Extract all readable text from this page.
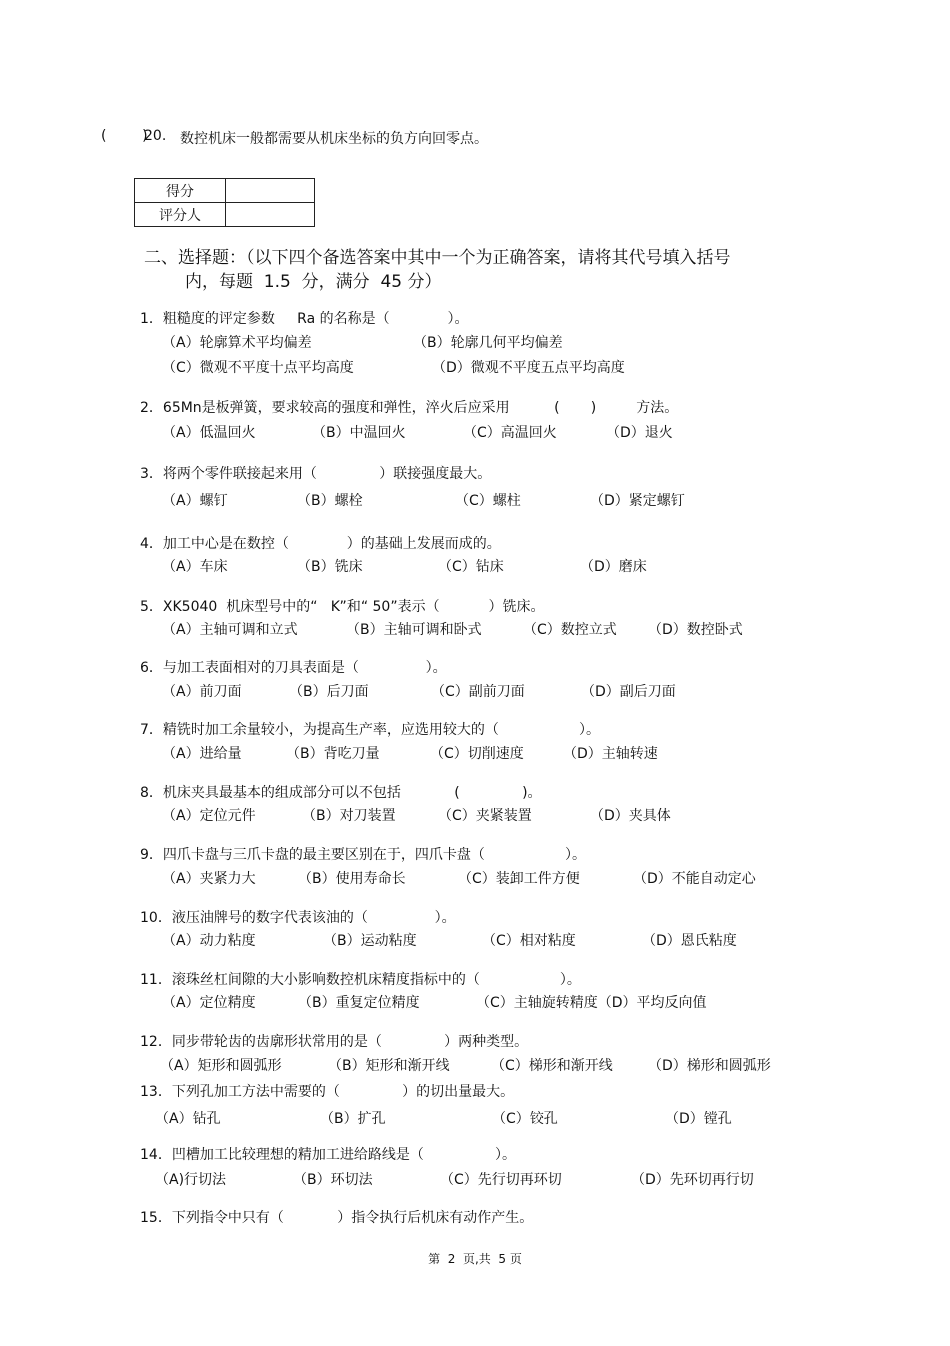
(        )
20. 数控机床一般都需要从机床坐标的负方向回零点。
得分	
评分人	
二、选择题：（以下四个备选答案中其中一个为正确答案，请将其代号填入括号
内，每题  1.5  分，满分  45 分）
1．粗糙度的评定参数     Ra 的名称是（             ）。
（A）轮廓算术平均偏差	（B）轮廓几何平均偏差
（C）微观不平度十点平均高度	（D）微观不平度五点平均高度
2．65Mn是板弹簧，要求较高的强度和弹性，淬火后应采用          (       )         方法。
（A）低温回火	（B）中温回火	（C）高温回火	（D）退火
3．将两个零件联接起来用（              ）联接强度最大。
（A）螺钉	（B）螺栓	（C）螺柱	（D）紧定螺钉
4．加工中心是在数控（             ）的基础上发展而成的。
（A）车床	（B）铣床	（C）钻床	（D）磨床
5．XK5040  机床型号中的“   K”和“ 50”表示（           ）铣床。
（A）主轴可调和立式	（B）主轴可调和卧式	（C）数控立式 （D）数控卧式
6．与加工表面相对的刀具表面是（               ）。
（A）前刀面	（B）后刀面	（C）副前刀面	（D）副后刀面
7．精铣时加工余量较小，为提高生产率，应选用较大的（                  ）。
（A）进给量	（B）背吃刀量	（C）切削速度	（D）主轴转速
8．机床夹具最基本的组成部分可以不包括            (              )。
（A）定位元件	（B）对刀装置	（C）夹紧装置	（D）夹具体
9．四爪卡盘与三爪卡盘的最主要区别在于，四爪卡盘（                  ）。
（A）夹紧力大	（B）使用寿命长	（C）装卸工件方便	（D）不能自动定心
10．液压油牌号的数字代表该油的（               ）。
（A）动力粘度	（B）运动粘度	（C）相对粘度	（D）恩氏粘度
11．滚珠丝杠间隙的大小影响数控机床精度指标中的（                  ）。
（A）定位精度	（B）重复定位精度	（C）主轴旋转精度（D）平均反向值
12．同步带轮齿的齿廓形状常用的是（              ）两种类型。
（A）矩形和圆弧形	（B）矩形和渐开线	（C）梯形和渐开线	（D）梯形和圆弧形
13．下列孔加工方法中需要的（              ）的切出量最大。
（A）钻孔	（B）扩孔	（C）铰孔	（D）镗孔
14．凹槽加工比较理想的精加工进给路线是（                ）。
（A)行切法	（B）环切法	（C）先行切再环切	（D）先环切再行切
15．下列指令中只有（            ）指令执行后机床有动作产生。
第  2  页,共  5 页
